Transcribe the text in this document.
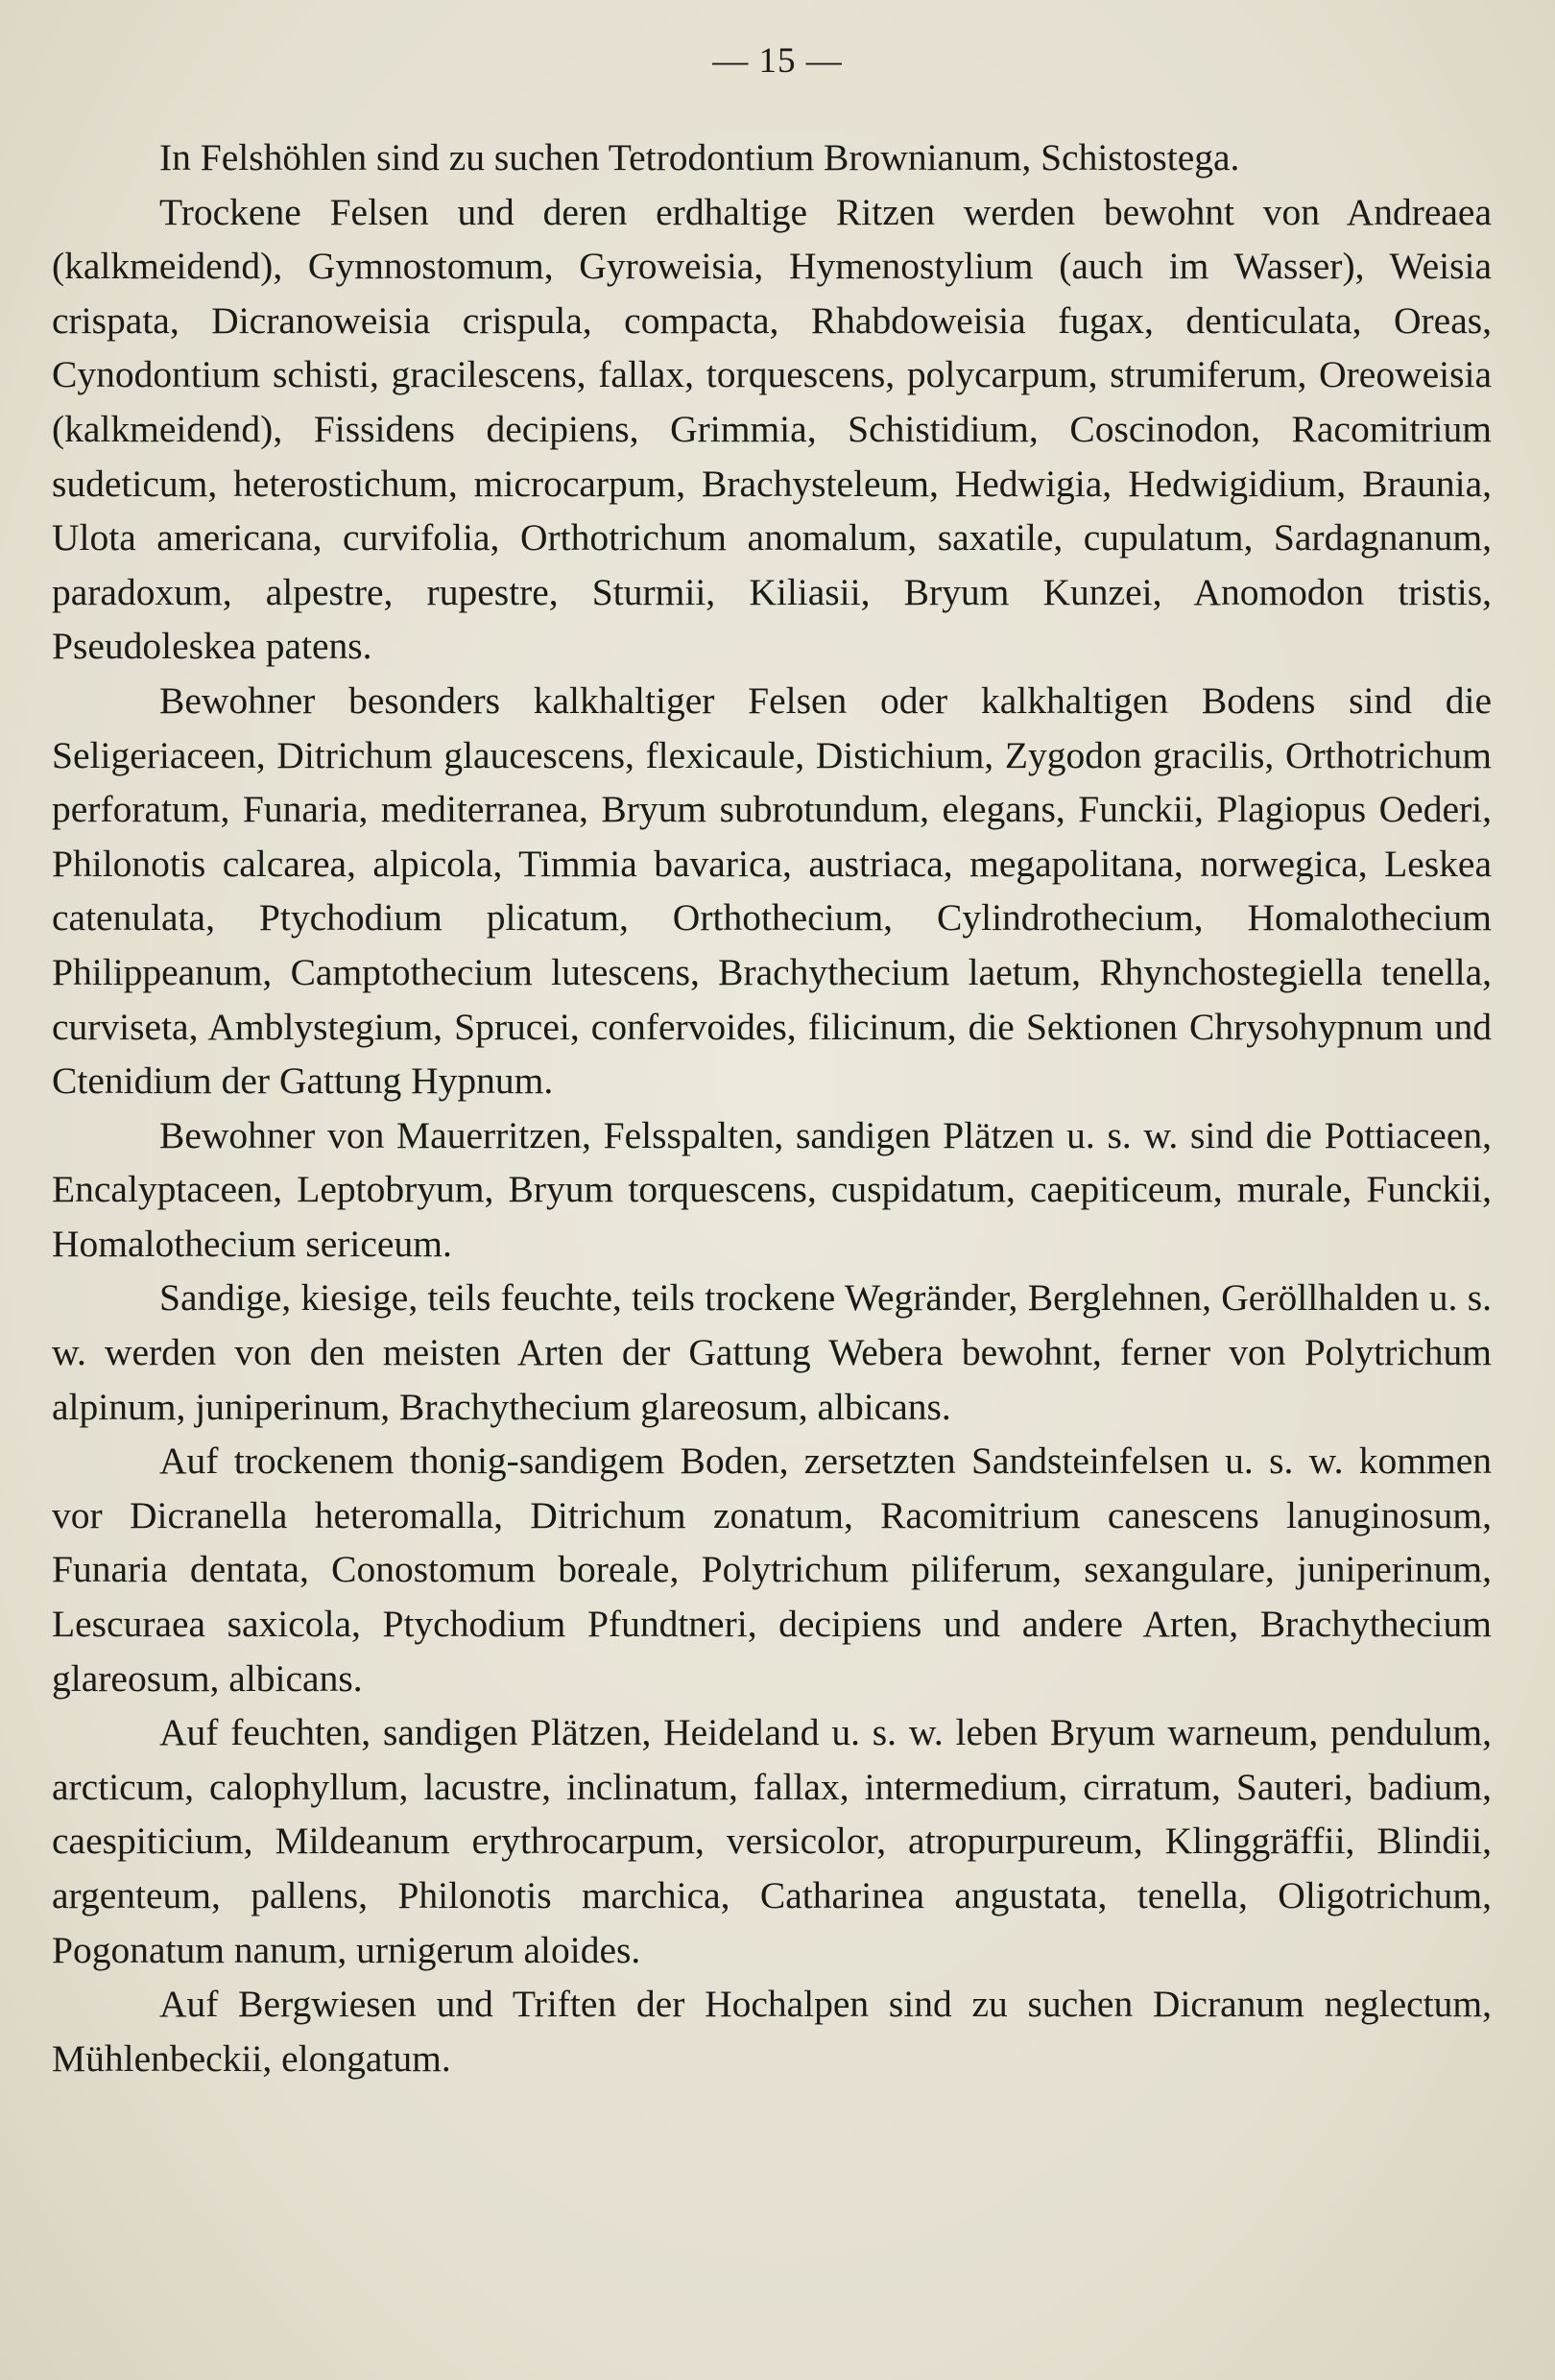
— 15 —

In Felshöhlen sind zu suchen Tetrodontium Brownianum, Schistostega.

Trockene Felsen und deren erdhaltige Ritzen werden bewohnt von Andreaea (kalkmeidend), Gymnostomum, Gyroweisia, Hymenostylium (auch im Wasser), Weisia crispata, Dicranoweisia crispula, compacta, Rhabdoweisia fugax, denticulata, Oreas, Cynodontium schisti, gracilescens, fallax, torquescens, polycarpum, strumiferum, Oreoweisia (kalkmeidend), Fissidens decipiens, Grimmia, Schistidium, Coscinodon, Racomitrium sudeticum, heterostichum, microcarpum, Brachysteleum, Hedwigia, Hedwigidium, Braunia, Ulota americana, curvifolia, Orthotrichum anomalum, saxatile, cupulatum, Sardagnanum, paradoxum, alpestre, rupestre, Sturmii, Kiliasii, Bryum Kunzei, Anomodon tristis, Pseudoleskea patens.

Bewohner besonders kalkhaltiger Felsen oder kalkhaltigen Bodens sind die Seligeriaceen, Ditrichum glaucescens, flexicaule, Distichium, Zygodon gracilis, Orthotrichum perforatum, Funaria, mediterranea, Bryum subrotundum, elegans, Funckii, Plagiopus Oederi, Philonotis calcarea, alpicola, Timmia bavarica, austriaca, megapolitana, norwegica, Leskea catenulata, Ptychodium plicatum, Orthothecium, Cylindrothecium, Homalothecium Philippeanum, Camptothecium lutescens, Brachythecium laetum, Rhynchostegiella tenella, curviseta, Amblystegium, Sprucei, confervoides, filicinum, die Sektionen Chrysohypnum und Ctenidium der Gattung Hypnum.

Bewohner von Mauerritzen, Felsspalten, sandigen Plätzen u. s. w. sind die Pottiaceen, Encalyptaceen, Leptobryum, Bryum torquescens, cuspidatum, caepiticeum, murale, Funckii, Homalothecium sericeum.

Sandige, kiesige, teils feuchte, teils trockene Wegränder, Berglehnen, Geröllhalden u. s. w. werden von den meisten Arten der Gattung Webera bewohnt, ferner von Polytrichum alpinum, juniperinum, Brachythecium glareosum, albicans.

Auf trockenem thonig-sandigem Boden, zersetzten Sandsteinfelsen u. s. w. kommen vor Dicranella heteromalla, Ditrichum zonatum, Racomitrium canescens lanuginosum, Funaria dentata, Conostomum boreale, Polytrichum piliferum, sexangulare, juniperinum, Lescuraea saxicola, Ptychodium Pfundtneri, decipiens und andere Arten, Brachythecium glareosum, albicans.

Auf feuchten, sandigen Plätzen, Heideland u. s. w. leben Bryum warneum, pendulum, arcticum, calophyllum, lacustre, inclinatum, fallax, intermedium, cirratum, Sauteri, badium, caespiticium, Mildeanum erythrocarpum, versicolor, atropurpureum, Klinggräffii, Blindii, argenteum, pallens, Philonotis marchica, Catharinea angustata, tenella, Oligotrichum, Pogonatum nanum, urnigerum aloides.

Auf Bergwiesen und Triften der Hochalpen sind zu suchen Dicranum neglectum, Mühlenbeckii, elongatum.
